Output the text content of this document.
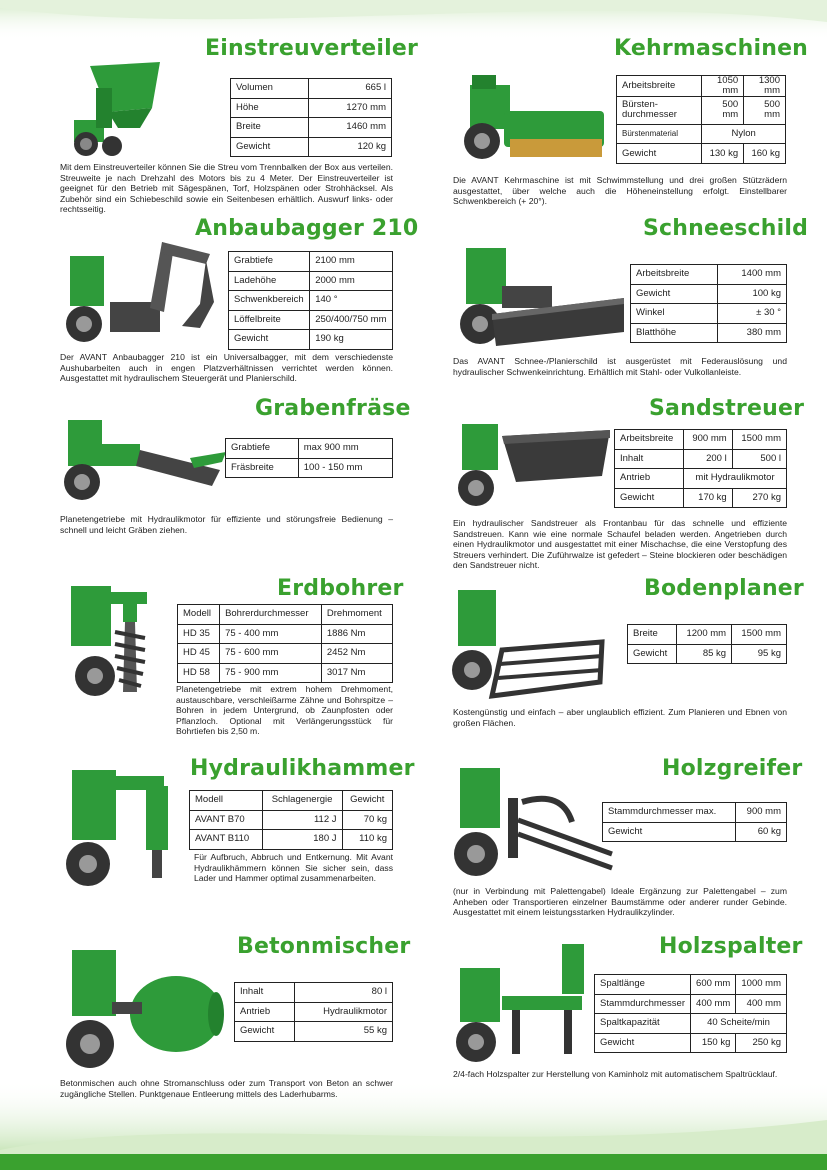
Einstreuverteiler
Volumen	665 l
Höhe	1270 mm
Breite	1460 mm
Gewicht	120 kg

Mit dem Einstreuverteiler können Sie die Streu vom Trennbalken der Box aus verteilen. Streuweite je nach Drehzahl des Motors bis zu 4 Meter. Der Einstreuverteiler ist geeignet für den Betrieb mit Sägespänen, Torf, Holzspänen oder Strohhäcksel. Als Zubehör sind ein Schiebeschild sowie ein Seitenbesen erhältlich. Auswurf links- oder rechtsseitig.

Kehrmaschinen
Arbeitsbreite	1050 mm	1300 mm
Bürsten-durchmesser	500 mm	500 mm
Bürstenmaterial	Nylon	
Gewicht	130 kg	160 kg

Die AVANT Kehrmaschine ist mit Schwimmstellung und drei großen Stützrädern ausgestattet, über welche auch die Höheneinstellung erfolgt. Einstellbarer Schwenkbereich (+ 20°).

Anbaubagger 210
Grabtiefe	2100 mm
Ladehöhe	2000 mm
Schwenkbereich	140 °
Löffelbreite	250/400/750 mm
Gewicht	190 kg

Der AVANT Anbaubagger 210 ist ein Universalbagger, mit dem verschiedenste Aushubarbeiten auch in engen Platzverhältnissen verrichtet werden können. Ausgestattet mit hydraulischem Steuergerät und Planierschild.

Schneeschild
Arbeitsbreite	1400 mm
Gewicht	100 kg
Winkel	± 30 °
Blatthöhe	380 mm

Das AVANT Schnee-/Planierschild ist ausgerüstet mit Federauslösung und hydraulischer Schwenkeinrichtung. Erhältlich mit Stahl- oder Vulkollanleiste.

Grabenfräse
Grabtiefe	max 900 mm
Fräsbreite	100 - 150 mm

Planetengetriebe mit Hydraulikmotor für effiziente und störungsfreie Bedienung – schnell und leicht Gräben ziehen.

Sandstreuer
Arbeitsbreite	900 mm	1500 mm
Inhalt	200 l	500 l
Antrieb	mit Hydraulikmotor	
Gewicht	170 kg	270 kg

Ein hydraulischer Sandstreuer als Frontanbau für das schnelle und effiziente Sandstreuen. Kann wie eine normale Schaufel beladen werden. Angetrieben durch einen Hydraulikmotor und ausgestattet mit einer Mischachse, die eine Verstopfung des Streuers verhindert. Die Zuführwalze ist gefedert – Steine blockieren oder beschädigen den Sandstreuer nicht.

Erdbohrer
Modell	Bohrerdurchmesser	Drehmoment
HD 35	75 - 400 mm	1886 Nm
HD 45	75 - 600 mm	2452 Nm
HD 58	75 - 900 mm	3017 Nm

Planetengetriebe mit extrem hohem Drehmoment, austauschbare, verschleißarme Zähne und Bohrspitze – Bohren in jedem Untergrund, ob Zaunpfosten oder Pflanzloch. Optional mit Verlängerungsstück für Bohrtiefen bis 2,50 m.

Bodenplaner
Breite	1200 mm	1500 mm
Gewicht	85 kg	95 kg

Kostengünstig und einfach – aber unglaublich effizient. Zum Planieren und Ebnen von großen Flächen.

Hydraulikhammer
Modell	Schlagenergie	Gewicht
AVANT B70	112 J	70 kg
AVANT B110	180 J	110 kg

Für Aufbruch, Abbruch und Entkernung. Mit Avant Hydraulikhämmern können Sie sicher sein, dass Lader und Hammer optimal zusammenarbeiten.

Holzgreifer
Stammdurchmesser max.	900 mm
Gewicht	60 kg

(nur in Verbindung mit Palettengabel) Ideale Ergänzung zur Palettengabel – zum Anheben oder Transportieren einzelner Baumstämme oder anderer runder Gebinde. Ausgestattet mit einem leistungsstarken Hydraulikzylinder.

Betonmischer
Inhalt	80 l
Antrieb	Hydraulikmotor
Gewicht	55 kg

Betonmischen auch ohne Stromanschluss oder zum Transport von Beton an schwer zugängliche Stellen. Punktgenaue Entleerung mittels des Laderhubarms.

Holzspalter
Spaltlänge	600 mm	1000 mm
Stammdurchmesser	400 mm	400 mm
Spaltkapazität	40 Scheite/min	
Gewicht	150 kg	250 kg

2/4-fach Holzspalter zur Herstellung von Kaminholz mit automatischem Spaltrücklauf.
